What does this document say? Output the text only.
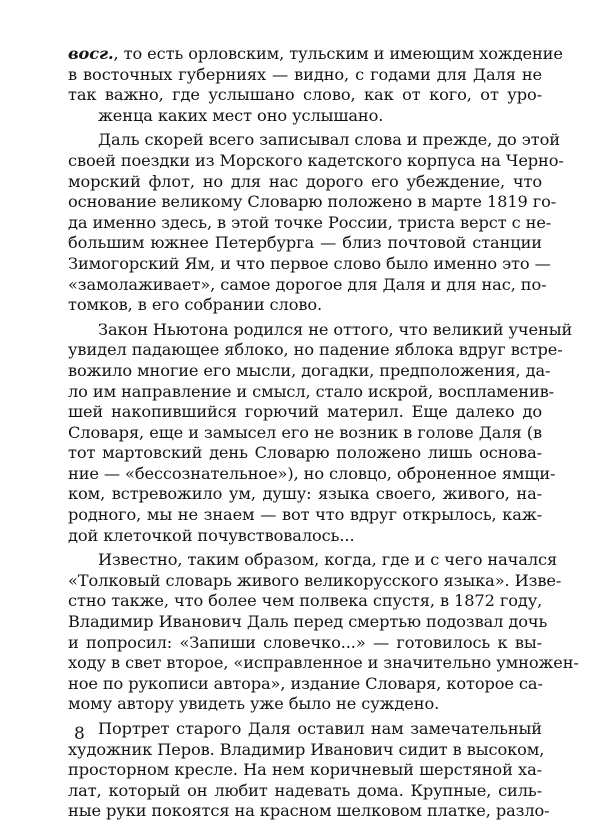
восг., то есть орловским, тульским и имеющим хождение
в восточных губерниях — видно, с годами для Даля не
так важно, где услышано слово, как от кого, от уро-
женца каких мест оно услышано.
Даль скорей всего записывал слова и прежде, до этой
своей поездки из Морского кадетского корпуса на Черно-
морский флот, но для нас дорого его убеждение, что
основание великому Словарю положено в марте 1819 го-
да именно здесь, в этой точке России, триста верст с не-
большим южнее Петербурга — близ почтовой станции
Зимогорский Ям, и что первое слово было именно это —
«замолаживает», самое дорогое для Даля и для нас, по-
томков, в его собрании слово.
Закон Ньютона родился не оттого, что великий ученый
увидел падающее яблоко, но падение яблока вдруг встре-
вожило многие его мысли, догадки, предположения, да-
ло им направление и смысл, стало искрой, воспламенив-
шей накопившийся горючий материл. Еще далеко до
Словаря, еще и замысел его не возник в голове Даля (в
тот мартовский день Словарю положено лишь основа-
ние — «бессознательное»), но словцо, оброненное ямщи-
ком, встревожило ум, душу: языка своего, живого, на-
родного, мы не знаем — вот что вдруг открылось, каж-
дой клеточкой почувствовалось...
Известно, таким образом, когда, где и с чего начался
«Толковый словарь живого великорусского языка». Изве-
стно также, что более чем полвека спустя, в 1872 году,
Владимир Иванович Даль перед смертью подозвал дочь
и попросил: «Запиши словечко...» — готовилось к вы-
ходу в свет второе, «исправленное и значительно умножен-
ное по рукописи автора», издание Словаря, которое са-
мому автору увидеть уже было не суждено.
Портрет старого Даля оставил нам замечательный
художник Перов. Владимир Иванович сидит в высоком,
просторном кресле. На нем коричневый шерстяной ха-
лат, который он любит надевать дома. Крупные, силь-
ные руки покоятся на красном шелковом платке, разло-
8
